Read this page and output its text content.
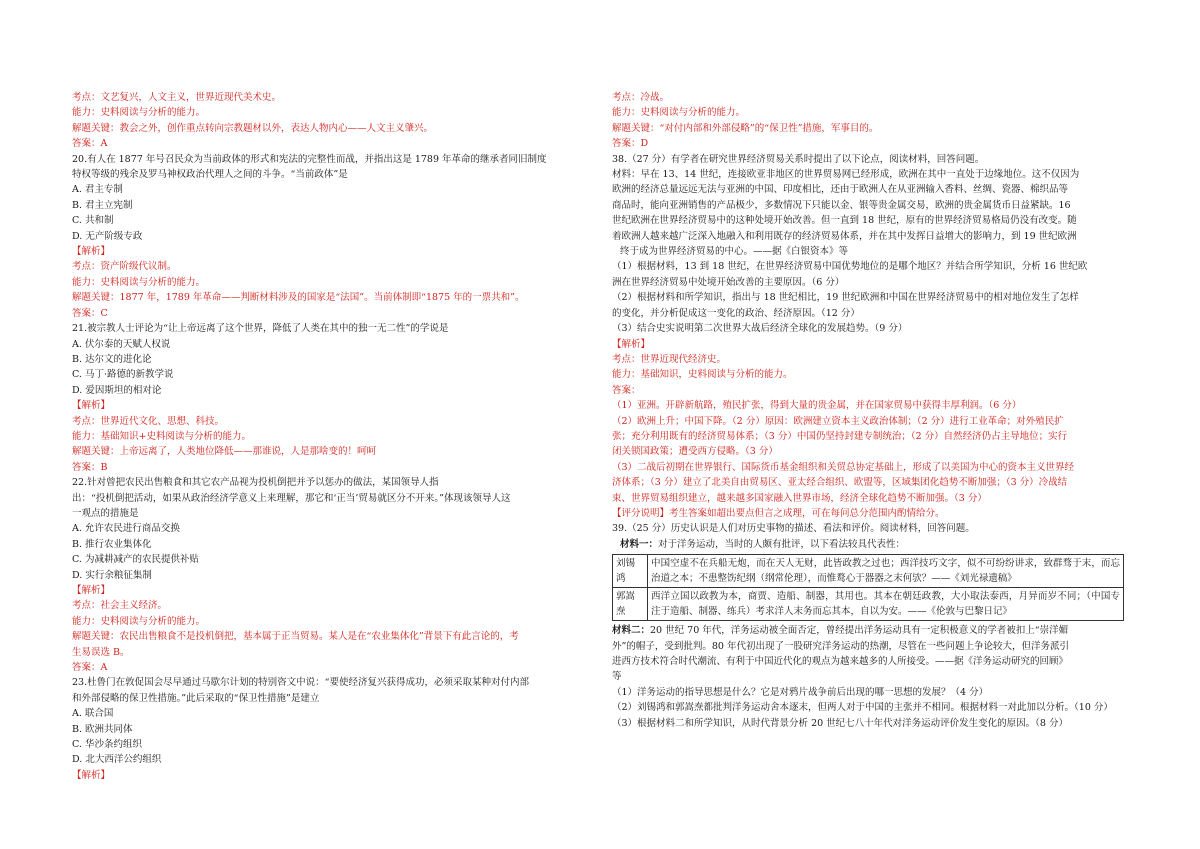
考点：文艺复兴，人文主义，世界近现代美术史。
能力：史料阅读与分析的能力。
解题关键：教会之外，创作重点转向宗教题材以外，表达人物内心——人文主义肇兴。
答案：A
20.有人在 1877 年号召民众为当前政体的形式和宪法的完整性而战，并指出这是 1789 年革命的继承者同旧制度
特权等级的残余及罗马神权政治代理人之间的斗争。“当前政体”是
A. 君主专制
B. 君主立宪制
C. 共和制
D. 无产阶级专政
【解析】
考点：资产阶级代议制。
能力：史料阅读与分析的能力。
解题关键：1877 年，1789 年革命——判断材料涉及的国家是“法国”。当前体制即“1875 年的一票共和”。
答案：C
21.被宗教人士评论为“让上帝远离了这个世界，降低了人类在其中的独一无二性”的学说是
A. 伏尔泰的天赋人权说
B. 达尔文的进化论
C. 马丁·路德的新教学说
D. 爱因斯坦的相对论
【解析】
考点：世界近代文化、思想、科技。
能力：基础知识+史料阅读与分析的能力。
解题关键：上帝远离了，人类地位降低——那谁说，人是那啥变的！呵呵
答案：B
22.针对曾把农民出售粮食和其它农产品视为投机倒把并予以惩办的做法，某国领导人指
出：“投机倒把活动，如果从政治经济学意义上来理解，那它和‘正当’贸易就区分不开来。”体现该领导人这
一观点的措施是
A. 允许农民进行商品交换
B. 推行农业集体化
C. 为减耕减产的农民提供补贴
D. 实行余粮征集制
【解析】
考点：社会主义经济。
能力：史料阅读与分析的能力。
解题关键：农民出售粮食不是投机倒把，基本属于正当贸易。某人是在“农业集体化”背景下有此言论的，考
生易误选 B。
答案：A
23.杜鲁门在敦促国会尽早通过马歇尔计划的特别咨文中说：“要使经济复兴获得成功，必须采取某种对付内部
和外部侵略的保卫性措施。”此后采取的“保卫性措施”是建立
A. 联合国
B. 欧洲共同体
C. 华沙条约组织
D. 北大西洋公约组织
【解析】
考点：冷战。
能力：史料阅读与分析的能力。
解题关键：“对付内部和外部侵略”的“保卫性”措施，军事目的。
答案：D
38.（27 分）有学者在研究世界经济贸易关系时提出了以下论点，阅读材料，回答问题。
材料：早在 13、14 世纪，连接欧亚非地区的世界贸易网已经形成，欧洲在其中一直处于边缘地位。这不仅因为
欧洲的经济总量远远无法与亚洲的中国、印度相比，还由于欧洲人在从亚洲输入香料、丝绸、瓷器、棉织品等
商品时，能向亚洲销售的产品极少，多数情况下只能以金、银等贵金属交易，欧洲的贵金属货币日益紧缺。16
世纪欧洲在世界经济贸易中的这种处境开始改善。但一直到 18 世纪，原有的世界经济贸易格局仍没有改变。随
着欧洲人越来越广泛深入地融入和利用既存的经济贸易体系，并在其中发挥日益增大的影响力，到 19 世纪欧洲
终于成为世界经济贸易的中心。——据《白银资本》等
（1）根据材料，13 到 18 世纪，在世界经济贸易中国优势地位的是哪个地区？并结合所学知识，分析 16 世纪欧
洲在世界经济贸易中处境开始改善的主要原因。（6 分）
（2）根据材料和所学知识，指出与 18 世纪相比，19 世纪欧洲和中国在世界经济贸易中的相对地位发生了怎样
的变化，并分析促成这一变化的政治、经济原因。（12 分）
（3）结合史实说明第二次世界大战后经济全球化的发展趋势。（9 分）
【解析】
考点：世界近现代经济史。
能力：基础知识，史料阅读与分析的能力。
答案：
（1）亚洲。开辟新航路，殖民扩张，得到大量的贵金属，并在国家贸易中获得丰厚利润。（6 分）
（2）欧洲上升；中国下降。（2 分）原因：欧洲建立资本主义政治体制；（2 分）进行工业革命；对外殖民扩
张；充分利用既有的经济贸易体系；（3 分）中国仍坚持封建专制统治；（2 分）自然经济仍占主导地位；实行
闭关锁国政策；遭受西方侵略。（3 分）
（3）二战后初期在世界银行、国际货币基金组织和关贸总协定基础上，形成了以美国为中心的资本主义世界经
济体系；（3 分）建立了北美自由贸易区、亚太经合组织、欧盟等，区域集团化趋势不断加强；（3 分）冷战结
束、世界贸易组织建立，越来越多国家融入世界市场，经济全球化趋势不断加强。（3 分）
【评分说明】考生答案如超出要点但言之成理，可在每问总分范围内酌情给分。
39.（25 分）历史认识是人们对历史事物的描述、看法和评价。阅读材料，回答问题。
材料一：对于洋务运动，当时的人颇有批评，以下看法较具代表性：
刘锡鸿	中国空虚不在兵船无炮，而在天人无财，此皆政教之过也；西洋技巧文字，似不可纷纷讲求，致群骛于末，而忘治道之本；不患整饬纪纲（纲常伦理），而惟鹜心于器器之末何欤？——《刘光禄遗稿》
郭嵩焘	西洋立国以政教为本，商贾、造船、制器，其用也。其本在朝廷政教，大小取法泰西，月异而岁不同；（中国专注于造船、制器、练兵）考求洋人末务而忘其本，自以为安。——《伦敦与巴黎日记》
材料二：20 世纪 70 年代，洋务运动被全面否定，曾经提出洋务运动具有一定积极意义的学者被扣上“崇洋媚
外”的帽子，受到批判。80 年代初出现了一股研究洋务运动的热潮，尽管在一些问题上争论较大，但洋务派引
进西方技术符合时代潮流、有利于中国近代化的观点为越来越多的人所接受。——据《洋务运动研究的回顾》
等
（1）洋务运动的指导思想是什么？它是对鸦片战争前后出现的哪一思想的发展？（4 分）
（2）刘锡鸿和郭嵩焘都批判洋务运动舍本逐末，但两人对于中国的主张并不相同。根据材料一对此加以分析。（10 分）
（3）根据材料二和所学知识，从时代背景分析 20 世纪七八十年代对洋务运动评价发生变化的原因。（8 分）
